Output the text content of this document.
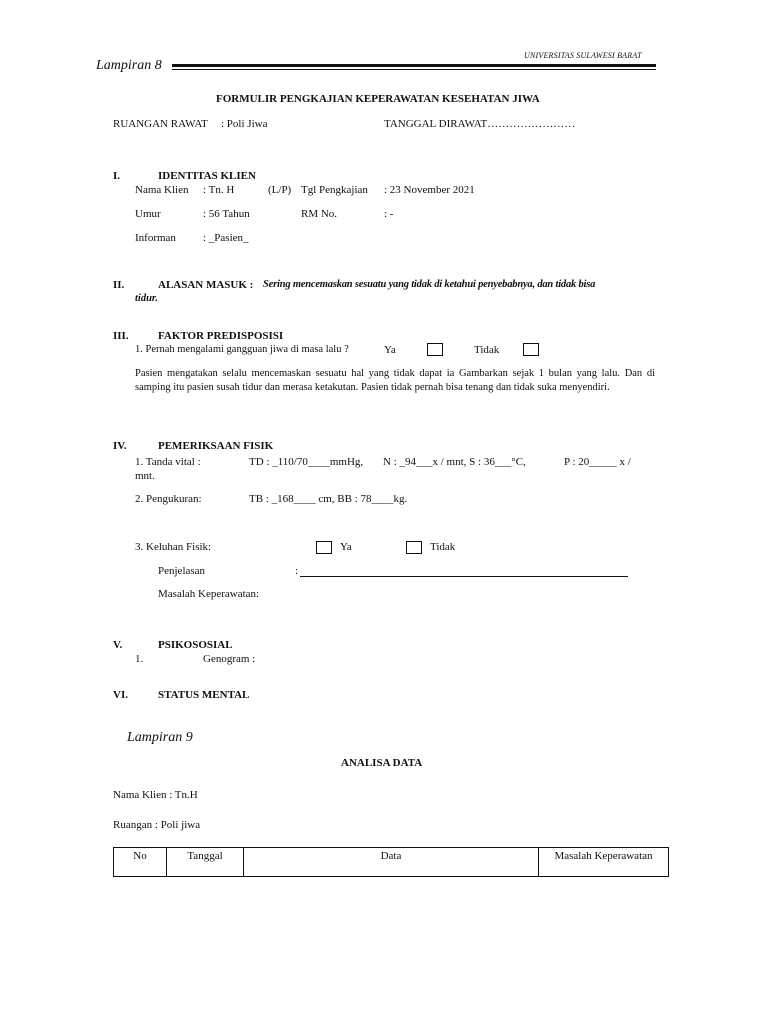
UNIVERSITAS SULAWESI BARAT
Lampiran 8
FORMULIR PENGKAJIAN KEPERAWATAN KESEHATAN JIWA
RUANGAN RAWAT : Poli Jiwa	TANGGAL DIRAWAT……………………
I.	IDENTITAS KLIEN
Nama Klien : Tn. H	(L/P) Tgl Pengkajian : 23 November 2021
Umur	: 56 Tahun	RM No.	: -
Informan : _Pasien_
II.	ALASAN MASUK : Sering mencemaskan sesuatu yang tidak di ketahui penyebabnya, dan tidak bisa
tidur.
III.	FAKTOR PREDISPOSISI
1. Pernah mengalami gangguan jiwa di masa lalu ?	Ya	Tidak
Pasien mengatakan selalu mencemaskan sesuatu hal yang tidak dapat ia Gambarkan sejak 1 bulan yang lalu. Dan di samping itu pasien susah tidur dan merasa ketakutan. Pasien tidak pernah bisa tenang dan tidak suka menyendiri.
IV.	PEMERIKSAAN FISIK
1. Tanda vital :	TD : _110/70____mmHg, N : _94___x / mnt, S : 36___°C,	P : 20_____ x /
mnt.
2. Pengukuran:	TB : _168____ cm, BB : 78____kg.
3. Keluhan Fisik:	Ya	Tidak
Penjelasan	:
Masalah Keperawatan:
V.	PSIKOSOSIAL
1.	Genogram :
VI.	STATUS MENTAL
Lampiran 9
ANALISA DATA
Nama Klien : Tn.H
Ruangan : Poli jiwa
No	Tanggal	Data	Masalah Keperawatan
